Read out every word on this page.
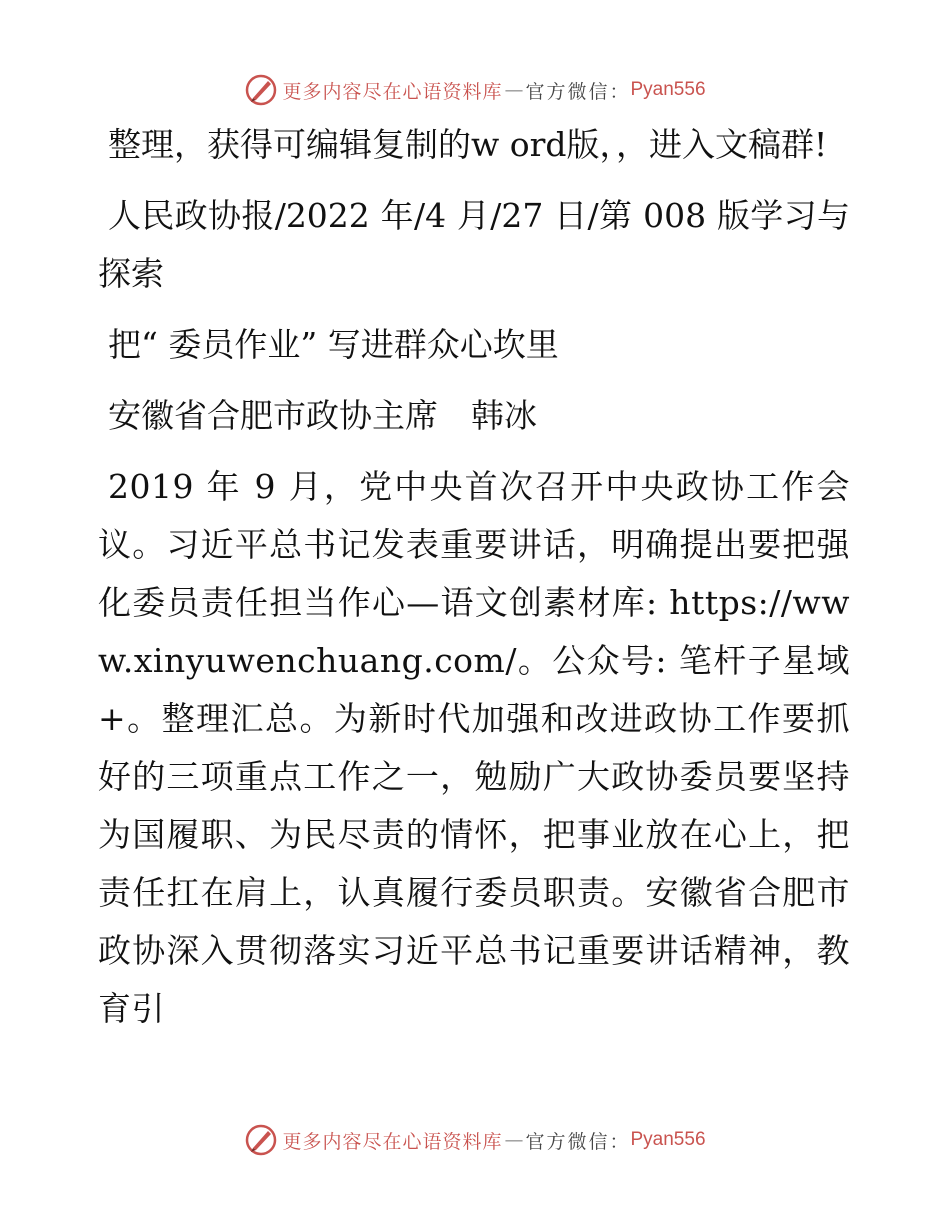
更多内容尽在心语资料库 — 官方微信： Pyan556

整理，获得可编辑复制的w ord版，，进入文稿群!

人民政协报/2022 年/4 月/27 日/第 008 版学习与探索

把“ 委员作业” 写进群众心坎里

安徽省合肥市政协主席　韩冰

2019 年 9 月，党中央首次召开中央政协工作会议。习近平总书记发表重要讲话，明确提出要把强化委员责任担当作心—语文创素材库: https://www.xinyuwenchuang.com/。公众号: 笔杆子星域+。整理汇总。为新时代加强和改进政协工作要抓好的三项重点工作之一，勉励广大政协委员要坚持为国履职、为民尽责的情怀，把事业放在心上，把责任扛在肩上，认真履行委员职责。安徽省合肥市政协深入贯彻落实习近平总书记重要讲话精神，教育引

更多内容尽在心语资料库 — 官方微信： Pyan556
